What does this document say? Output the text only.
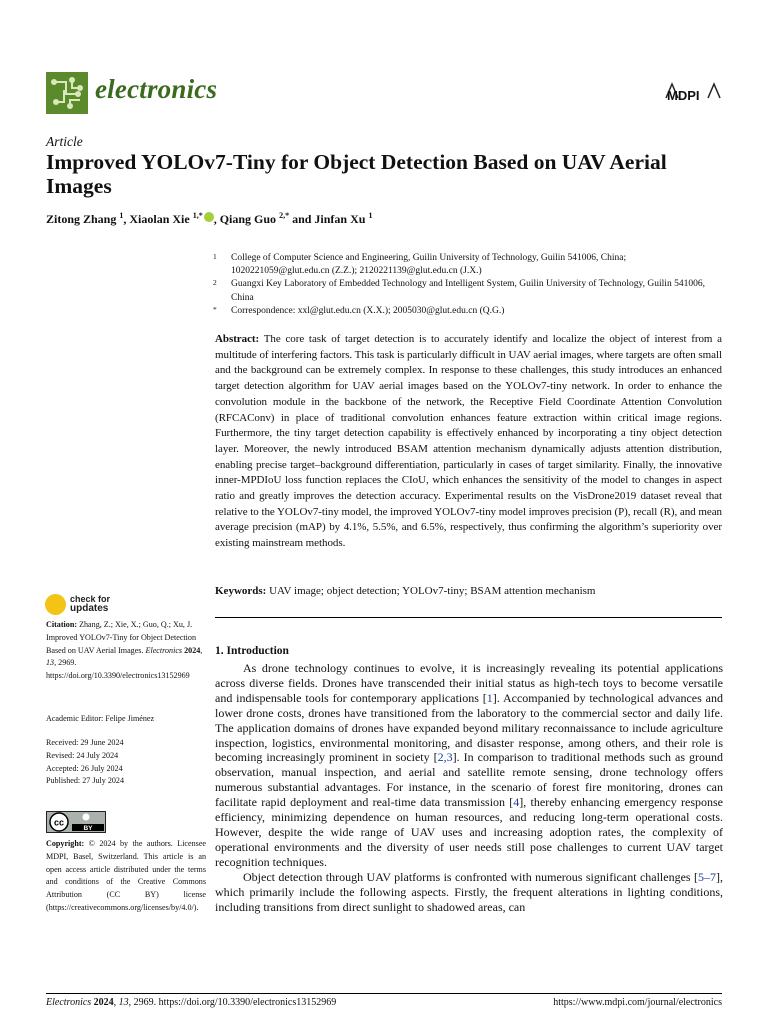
electronics	MDPI
Article
Improved YOLOv7-Tiny for Object Detection Based on UAV Aerial Images
Zitong Zhang $^1$, Xiaolan Xie $^{1,*}$ , Qiang Guo $^{2,*}$ and Jinfan Xu $^1$
1 College of Computer Science and Engineering, Guilin University of Technology, Guilin 541006, China; 1020221059@glut.edu.cn (Z.Z.); 2120221139@glut.edu.cn (J.X.)
2 Guangxi Key Laboratory of Embedded Technology and Intelligent System, Guilin University of Technology, Guilin 541006, China
* Correspondence: xxl@glut.edu.cn (X.X.); 2005030@glut.edu.cn (Q.G.)
Abstract: The core task of target detection is to accurately identify and localize the object of interest from a multitude of interfering factors. This task is particularly difficult in UAV aerial images, where targets are often small and the background can be extremely complex. In response to these challenges, this study introduces an enhanced target detection algorithm for UAV aerial images based on the YOLOv7-tiny network. In order to enhance the convolution module in the backbone of the network, the Receptive Field Coordinate Attention Convolution (RFCAConv) in place of traditional convolution enhances feature extraction within critical image regions. Furthermore, the tiny target detection capability is effectively enhanced by incorporating a tiny object detection layer. Moreover, the newly introduced BSAM attention mechanism dynamically adjusts attention distribution, enabling precise target–background differentiation, particularly in cases of target similarity. Finally, the innovative inner-MPDIoU loss function replaces the CIoU, which enhances the sensitivity of the model to changes in aspect ratio and greatly improves the detection accuracy. Experimental results on the VisDrone2019 dataset reveal that relative to the YOLOv7-tiny model, the improved YOLOv7-tiny model improves precision (P), recall (R), and mean average precision (mAP) by 4.1%, 5.5%, and 6.5%, respectively, thus confirming the algorithm’s superiority over existing mainstream methods.
Keywords: UAV image; object detection; YOLOv7-tiny; BSAM attention mechanism
check for
updates
Citation: Zhang, Z.; Xie, X.; Guo, Q.; Xu, J. Improved YOLOv7-Tiny for Object Detection Based on UAV Aerial Images. Electronics 2024, 13, 2969. https://doi.org/10.3390/electronics13152969
Academic Editor: Felipe Jiménez
Received: 29 June 2024
Revised: 24 July 2024
Accepted: 26 July 2024
Published: 27 July 2024
cc
BY
Copyright: © 2024 by the authors. Licensee MDPI, Basel, Switzerland. This article is an open access article distributed under the terms and conditions of the Creative Commons Attribution (CC BY) license (https://creativecommons.org/licenses/by/4.0/).
1. Introduction

As drone technology continues to evolve, it is increasingly revealing its potential applications across diverse fields. Drones have transcended their initial status as high-tech toys to become versatile and indispensable tools for contemporary applications [1]. Accompanied by technological advances and lower drone costs, drones have transitioned from the laboratory to the commercial sector and daily life. The application domains of drones have expanded beyond military reconnaissance to include agriculture inspection, logistics, environmental monitoring, and disaster response, among others, and their role is becoming increasingly prominent in society [2,3]. In comparison to traditional methods such as ground observation, manual inspection, and aerial and satellite remote sensing, drone technology offers numerous substantial advantages. For instance, in the scenario of forest fire monitoring, drones can facilitate rapid deployment and real-time data transmission [4], thereby enhancing emergency response efficiency, minimizing dependence on human resources, and reducing long-term operational costs. However, despite the wide range of UAV uses and increasing adoption rates, the complexity of operational environments and the diversity of user needs still pose challenges to current UAV target recognition techniques.

Object detection through UAV platforms is confronted with numerous significant challenges [5–7], which primarily include the following aspects. Firstly, the frequent alterations in lighting conditions, including transitions from direct sunlight to shadowed areas, can

Electronics 2024, 13, 2969. https://doi.org/10.3390/electronics13152969	https://www.mdpi.com/journal/electronics
